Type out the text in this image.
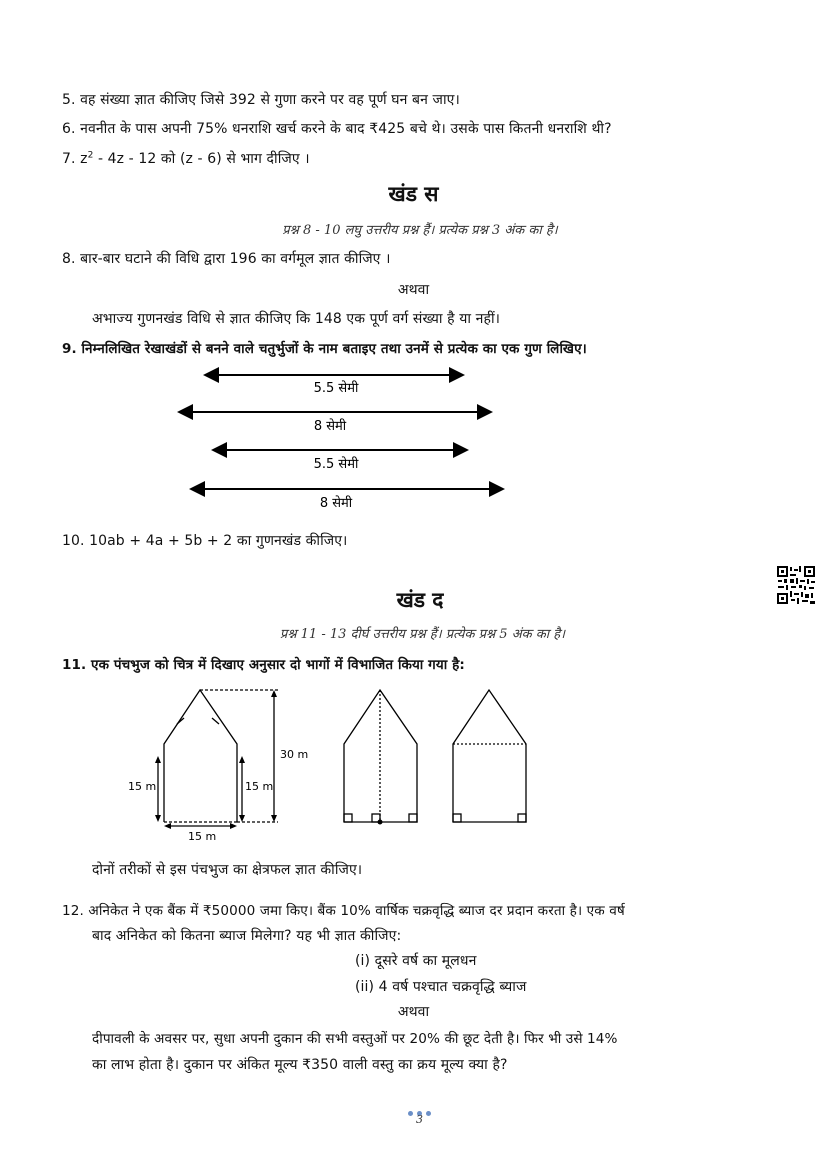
5. वह संख्या ज्ञात कीजिए जिसे 392 से गुणा करने पर वह पूर्ण घन बन जाए।
6. नवनीत के पास अपनी 75% धनराशि खर्च करने के बाद ₹425 बचे थे। उसके पास कितनी धनराशि थी?
7. $z^2 - 4z - 12$ को (z - 6) से भाग दीजिए ।
खंड स
प्रश्न 8 - 10 लघु उत्तरीय प्रश्न हैं। प्रत्येक प्रश्न 3 अंक का है।
8. बार-बार घटाने की विधि द्वारा 196 का वर्गमूल ज्ञात कीजिए ।
अथवा
अभाज्य गुणनखंड विधि से ज्ञात कीजिए कि 148 एक पूर्ण वर्ग संख्या है या नहीं।
9. निम्नलिखित रेखाखंडों से बनने वाले चतुर्भुजों के नाम बताइए तथा उनमें से प्रत्येक का एक गुण लिखिए।
5.5 सेमी
8 सेमी
5.5 सेमी
8 सेमी
10. 10ab + 4a + 5b + 2 का गुणनखंड कीजिए।
खंड द
प्रश्न 11 - 13 दीर्घ उत्तरीय प्रश्न हैं। प्रत्येक प्रश्न 5 अंक का है।
11. एक पंचभुज को चित्र में दिखाए अनुसार दो भागों में विभाजित किया गया है:
15 m	15 m
30 m
15 m
दोनों तरीकों से इस पंचभुज का क्षेत्रफल ज्ञात कीजिए।
12. अनिकेत ने एक बैंक में ₹50000 जमा किए। बैंक 10% वार्षिक चक्रवृद्धि ब्याज दर प्रदान करता है। एक वर्ष
बाद अनिकेत को कितना ब्याज मिलेगा? यह भी ज्ञात कीजिए:
(i) दूसरे वर्ष का मूलधन
(ii) 4 वर्ष पश्चात चक्रवृद्धि ब्याज
अथवा
दीपावली के अवसर पर, सुधा अपनी दुकान की सभी वस्तुओं पर 20% की छूट देती है। फिर भी उसे 14%
का लाभ होता है। दुकान पर अंकित मूल्य ₹350 वाली वस्तु का क्रय मूल्य क्या है?
3
